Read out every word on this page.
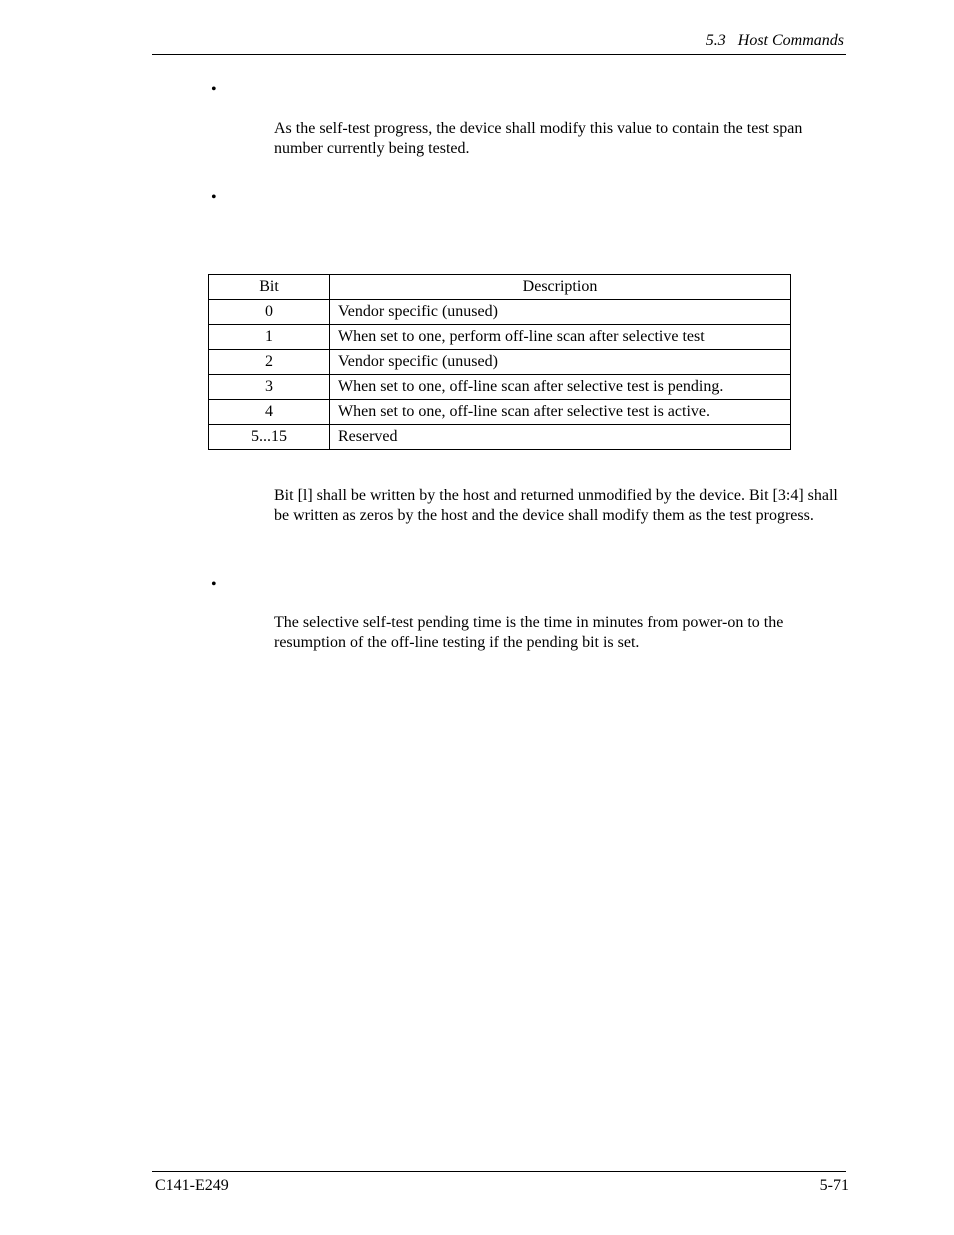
5.3   Host Commands
•
As the self-test progress, the device shall modify this value to contain the test span number currently being tested.
•
Bit	Description
0	Vendor specific (unused)
1	When set to one, perform off-line scan after selective test
2	Vendor specific (unused)
3	When set to one, off-line scan after selective test is pending.
4	When set to one, off-line scan after selective test is active.
5...15	Reserved
Bit [l] shall be written by the host and returned unmodified by the device. Bit [3:4] shall be written as zeros by the host and the device shall modify them as the test progress.
•
The selective self-test pending time is the time in minutes from power-on to the resumption of the off-line testing if the pending bit is set.
C141-E249	5-71
